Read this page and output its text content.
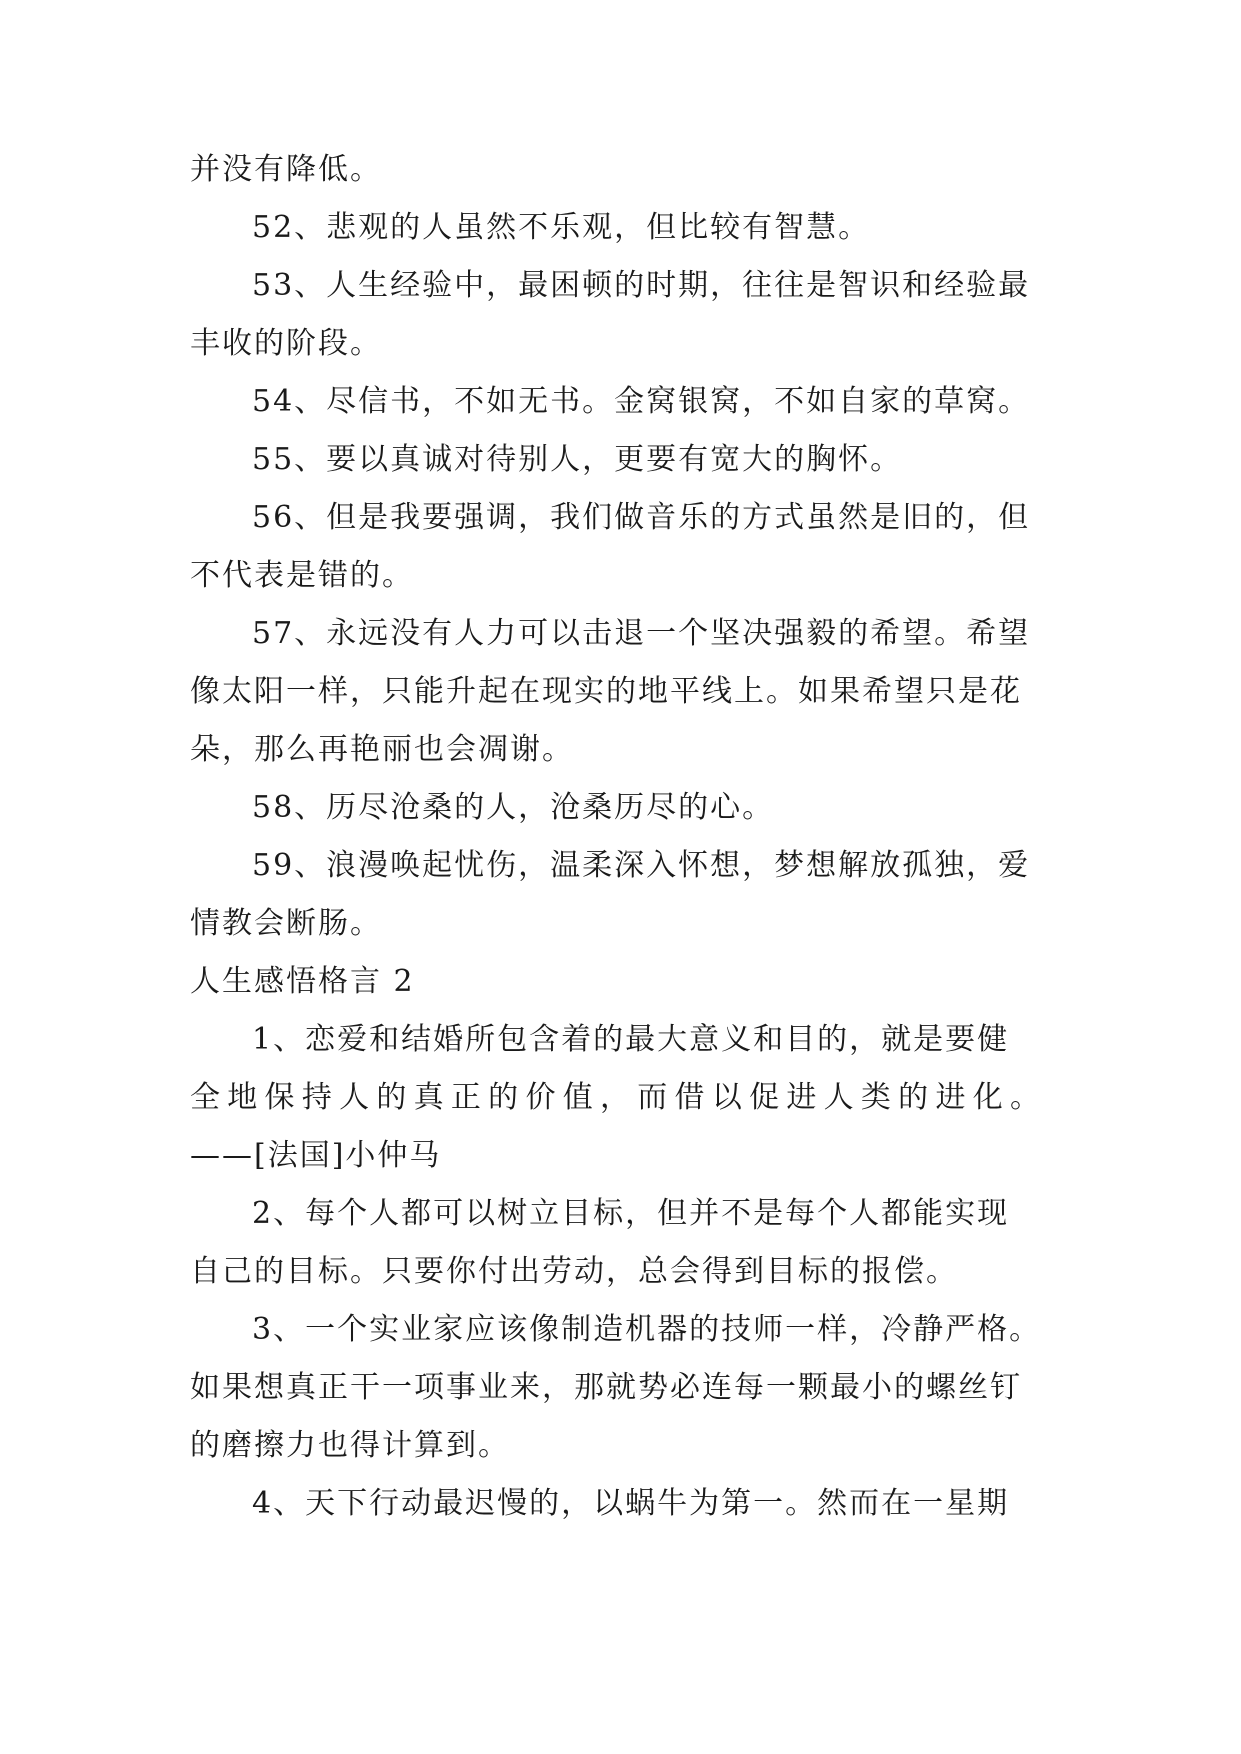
并没有降低。
52、悲观的人虽然不乐观，但比较有智慧。
53、人生经验中，最困顿的时期，往往是智识和经验最
丰收的阶段。
54、尽信书，不如无书。金窝银窝，不如自家的草窝。
55、要以真诚对待别人，更要有宽大的胸怀。
56、但是我要强调，我们做音乐的方式虽然是旧的，但
不代表是错的。
57、永远没有人力可以击退一个坚决强毅的希望。希望
像太阳一样，只能升起在现实的地平线上。如果希望只是花
朵，那么再艳丽也会凋谢。
58、历尽沧桑的人，沧桑历尽的心。
59、浪漫唤起忧伤，温柔深入怀想，梦想解放孤独，爱
情教会断肠。
人生感悟格言 2
1、恋爱和结婚所包含着的最大意义和目的，就是要健
全地保持人的真正的价值，而借以促进人类的进化。
——[法国]小仲马
2、每个人都可以树立目标，但并不是每个人都能实现
自己的目标。只要你付出劳动，总会得到目标的报偿。
3、一个实业家应该像制造机器的技师一样，冷静严格。
如果想真正干一项事业来，那就势必连每一颗最小的螺丝钉
的磨擦力也得计算到。
4、天下行动最迟慢的，以蜗牛为第一。然而在一星期
